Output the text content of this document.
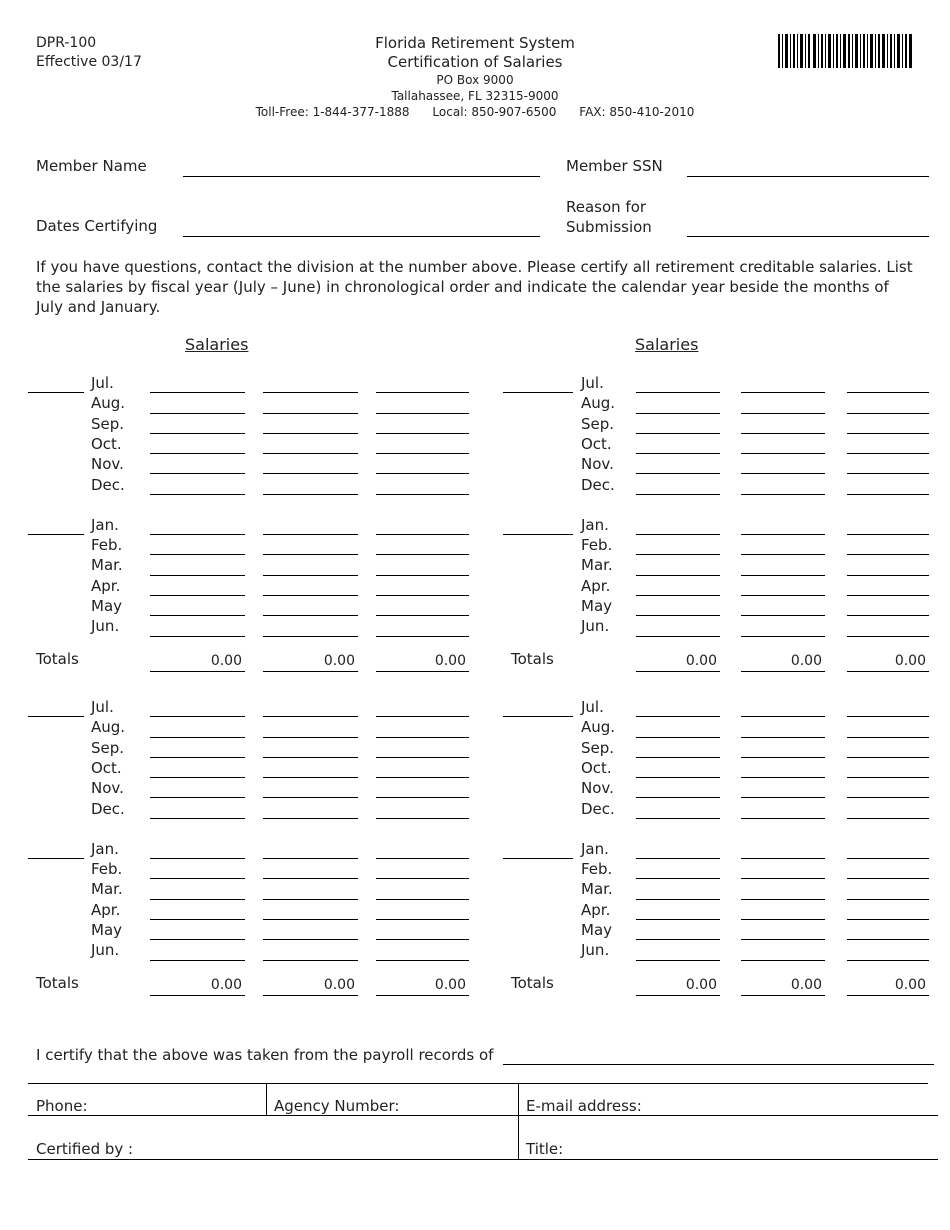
DPR-100
Effective 03/17
Florida Retirement System
Certification of Salaries
PO Box 9000
Tallahassee, FL 32315-9000
Toll-Free: 1-844-377-1888      Local: 850-907-6500      FAX: 850-410-2010
Member Name	Member SSN
Dates Certifying
Reason for
Submission
If you have questions, contact the division at the number above. Please certify all retirement creditable salaries. List the salaries by fiscal year (July – June) in chronological order and indicate the calendar year beside the months of July and January.
Salaries	Salaries
Jul.
Aug.
Sep.
Oct.
Nov.
Dec.
Jan.
Feb.
Mar.
Apr.
May
Jun.
Totals	0.00	0.00	0.00
Jul.
Aug.
Sep.
Oct.
Nov.
Dec.
Jan.
Feb.
Mar.
Apr.
May
Jun.
Totals	0.00	0.00	0.00
Jul.
Aug.
Sep.
Oct.
Nov.
Dec.
Jan.
Feb.
Mar.
Apr.
May
Jun.
Totals	0.00	0.00	0.00
Jul.
Aug.
Sep.
Oct.
Nov.
Dec.
Jan.
Feb.
Mar.
Apr.
May
Jun.
Totals	0.00	0.00	0.00
I certify that the above was taken from the payroll records of
Phone:	Agency Number:	E-mail address:
Certified by :	Title:
